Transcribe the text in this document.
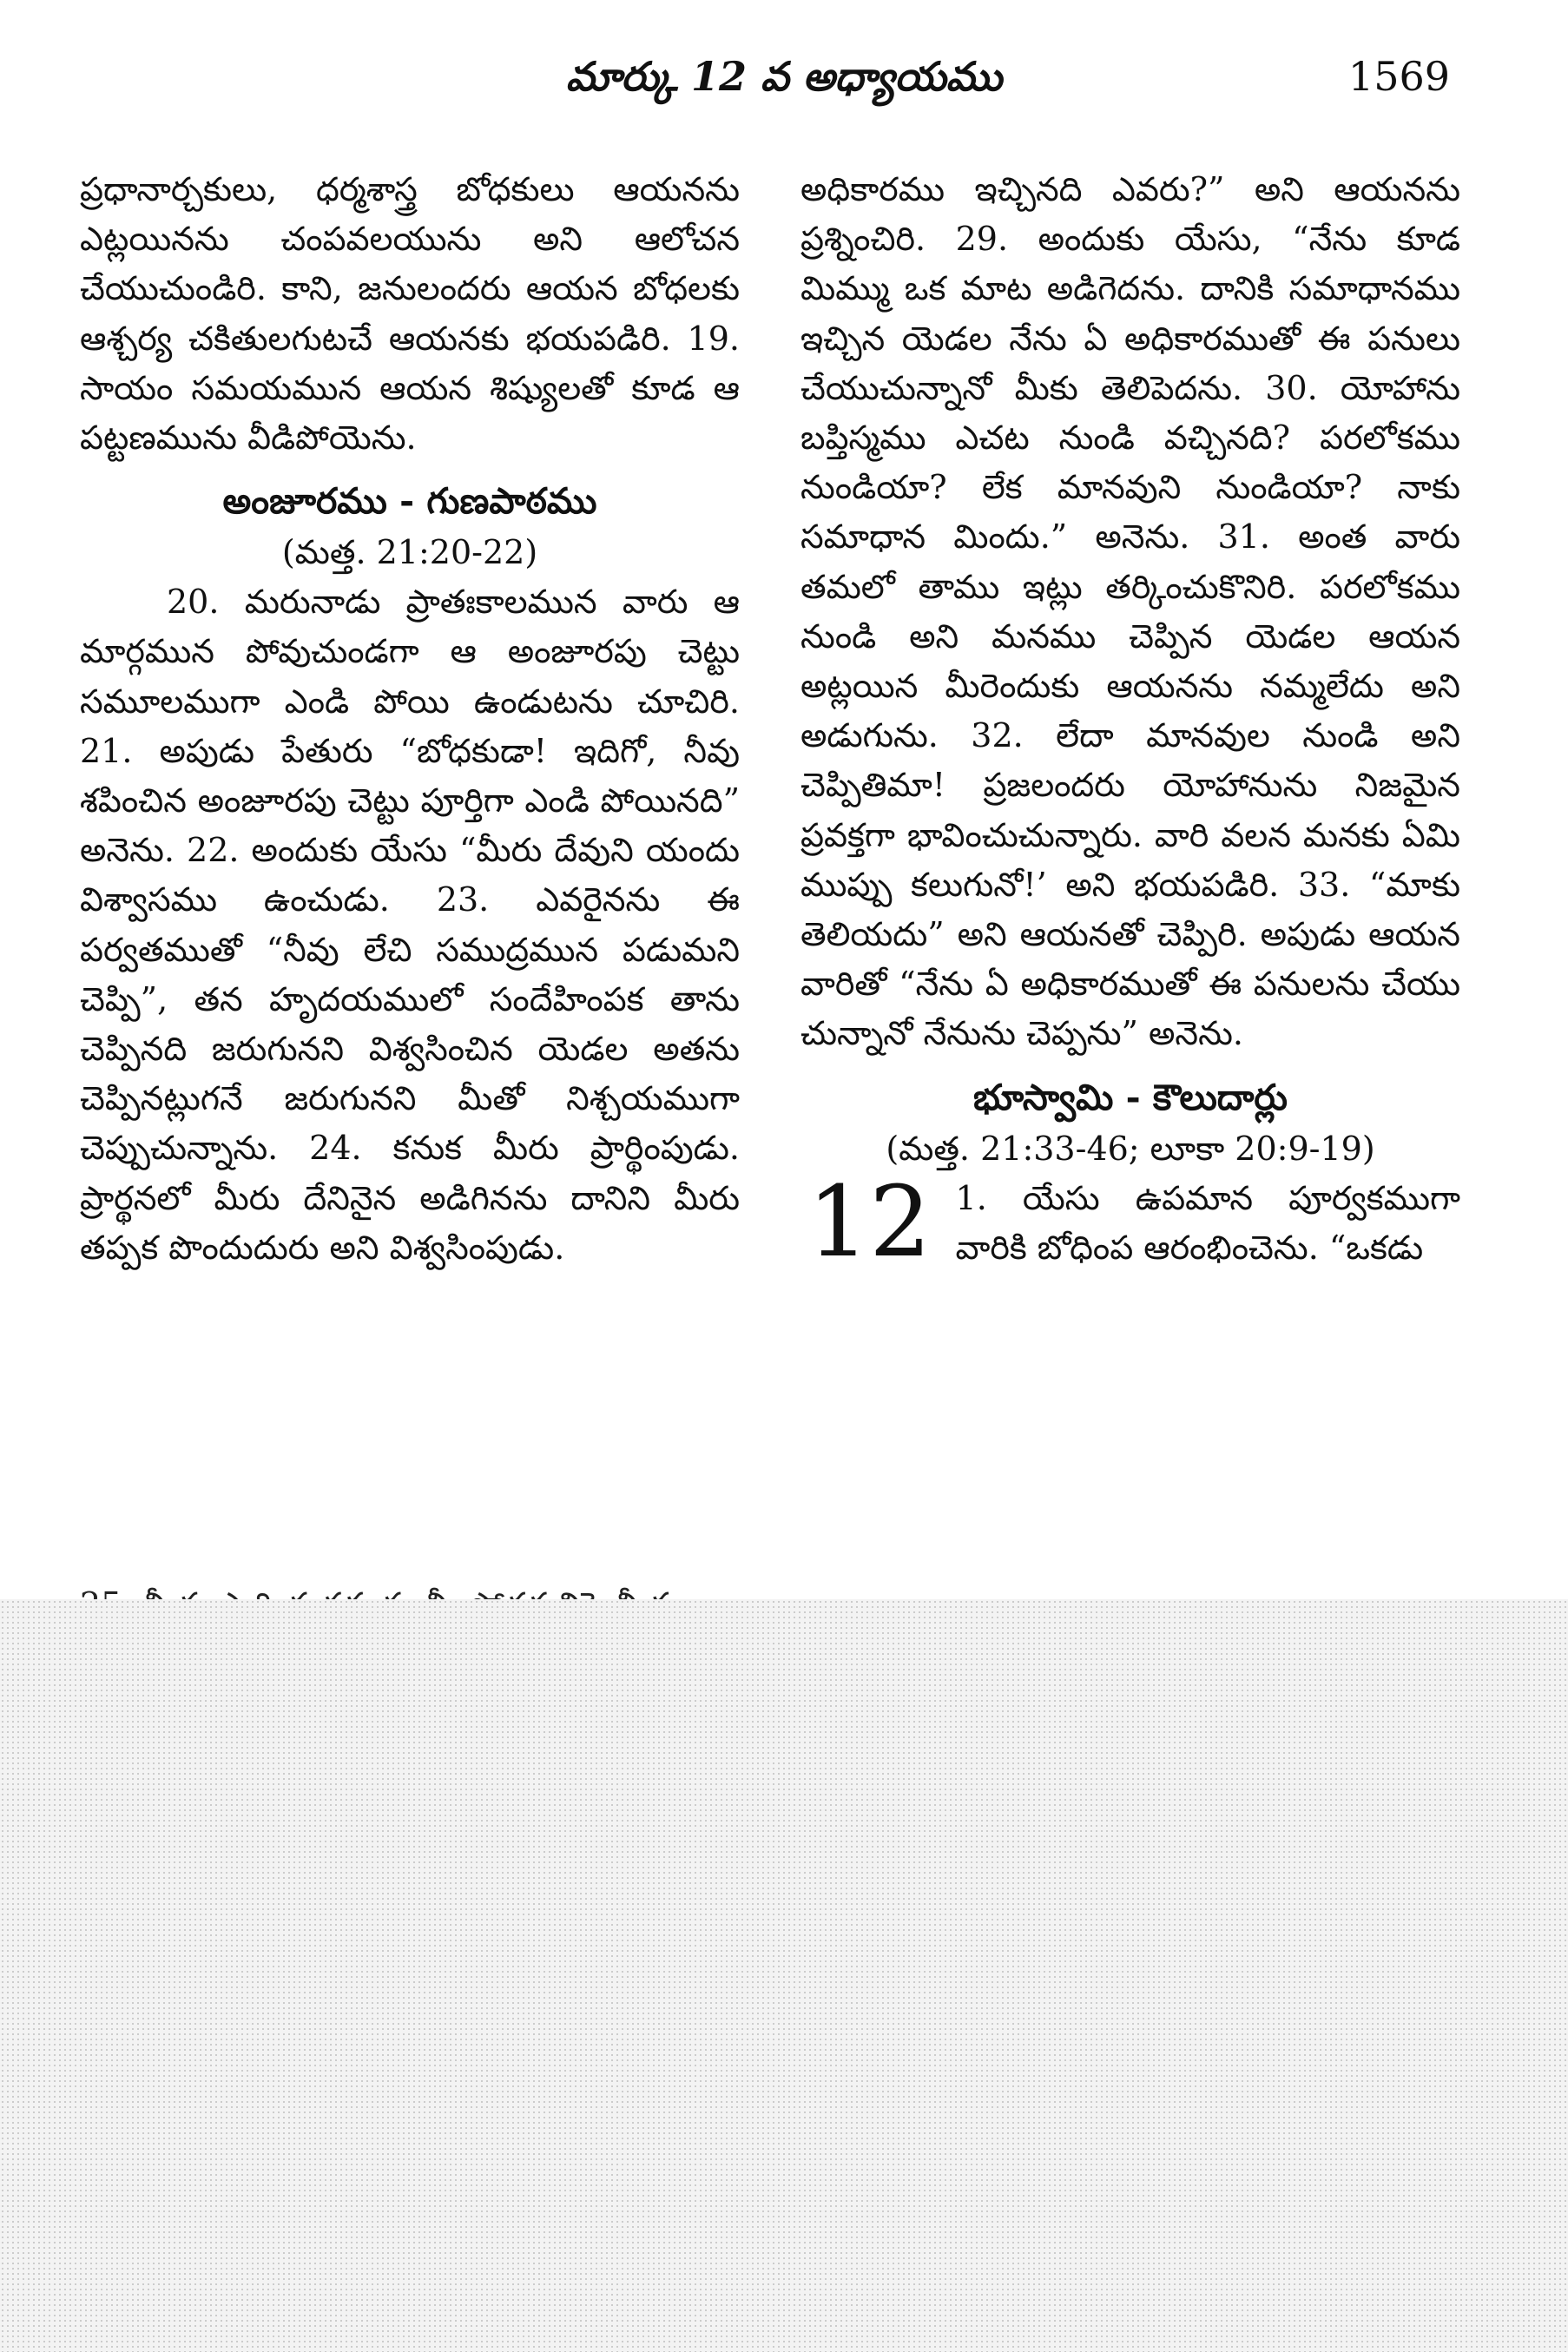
మార్కు 12 వ అధ్యాయము	1569

ప్రధానార్చకులు, ధర్మశాస్త్ర బోధకులు ఆయనను ఎట్లయినను చంపవలయును అని ఆలోచన చేయుచుండిరి. కాని, జనులందరు ఆయన బోధలకు ఆశ్చర్య చకితులగుటచే ఆయనకు భయపడిరి. 19. సాయం సమయమున ఆయన శిష్యులతో కూడ ఆ పట్టణమును వీడిపోయెను.

అంజూరము - గుణపాఠము

(మత్త. 21:20-22)

20. మరునాడు ప్రాతఃకాలమున వారు ఆ మార్గమున పోవుచుండగా ఆ అంజూరపు చెట్టు సమూలముగా ఎండి పోయి ఉండుటను చూచిరి. 21. అపుడు పేతురు “బోధకుడా! ఇదిగో, నీవు శపించిన అంజూరపు చెట్టు పూర్తిగా ఎండి పోయినది” అనెను. 22. అందుకు యేసు “మీరు దేవుని యందు విశ్వాసము ఉంచుడు. 23. ఎవరైనను ఈ పర్వతముతో “నీవు లేచి సముద్రమున పడుమని చెప్పి”, తన హృదయములో సందేహింపక తాను చెప్పినది జరుగునని విశ్వసించిన యెడల అతను చెప్పినట్లుగనే జరుగునని మీతో నిశ్చయముగా చెప్పుచున్నాను. 24. కనుక మీరు ప్రార్థింపుడు. ప్రార్థనలో మీరు దేనినైన అడిగినను దానిని మీరు తప్పక పొందుదురు అని విశ్వసింపుడు.

అధికారము ఇచ్చినది ఎవరు?” అని ఆయనను ప్రశ్నించిరి. 29. అందుకు యేసు, “నేను కూడ మిమ్ము ఒక మాట అడిగెదను. దానికి సమాధానము ఇచ్చిన యెడల నేను ఏ అధికారముతో ఈ పనులు చేయుచున్నానో మీకు తెలిపెదను. 30. యోహాను బప్తిస్మము ఎచట నుండి వచ్చినది? పరలోకము నుండియా? లేక మానవుని నుండియా? నాకు సమాధాన మిందు.” అనెను. 31. అంత వారు తమలో తాము ఇట్లు తర్కించుకొనిరి. పరలోకము నుండి అని మనము చెప్పిన యెడల ఆయన అట్లయిన మీరెందుకు ఆయనను నమ్మలేదు అని అడుగును. 32. లేదా మానవుల నుండి అని చెప్పితిమా! ప్రజలందరు యోహానును నిజమైన ప్రవక్తగా భావించుచున్నారు. వారి వలన మనకు ఏమి ముప్పు కలుగునో!’ అని భయపడిరి. 33. “మాకు తెలియదు” అని ఆయనతో చెప్పిరి. అపుడు ఆయన వారితో “నేను ఏ అధికారముతో ఈ పనులను చేయు చున్నానో నేనును చెప్పను” అనెను.

భూస్వామి - కౌలుదార్లు

(మత్త. 21:33-46; లూకా 20:9-19)

12 1. యేసు ఉపమాన పూర్వకముగా వారికి బోధింప ఆరంభించెను. “ఒకడు
